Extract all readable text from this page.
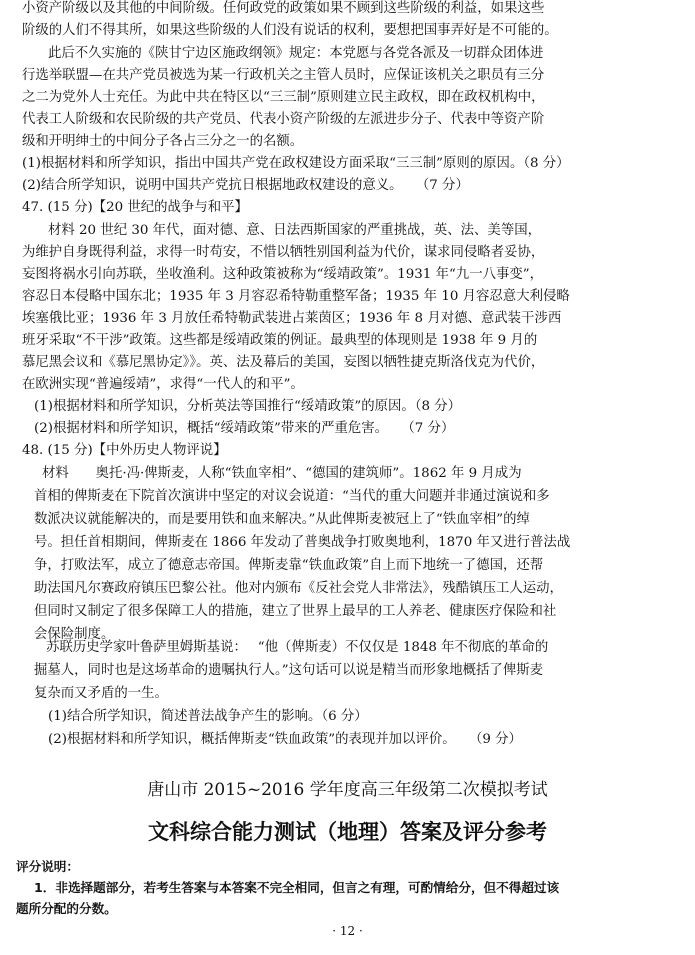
小资产阶级以及其他的中间阶级。任何政党的政策如果不顾到这些阶级的利益，如果这些
阶级的人们不得其所，如果这些阶级的人们没有说话的权利，要想把国事弄好是不可能的。
此后不久实施的《陕甘宁边区施政纲领》规定：本党愿与各党各派及一切群众团体进
行选举联盟—在共产党员被选为某一行政机关之主管人员时，应保证该机关之职员有三分
之二为党外人士充任。为此中共在特区以“三三制”原则建立民主政权，即在政权机构中，
代表工人阶级和农民阶级的共产党员、代表小资产阶级的左派进步分子、代表中等资产阶
级和开明绅士的中间分子各占三分之一的名额。
(1)根据材料和所学知识，指出中国共产党在政权建设方面采取“三三制”原则的原因。（8 分）
(2)结合所学知识，说明中国共产党抗日根据地政权建设的意义。　　（7 分）
47. (15 分)【20 世纪的战争与和平】
材料 20 世纪 30 年代，面对德、意、日法西斯国家的严重挑战，英、法、美等国，
为维护自身既得利益，求得一时苟安，不惜以牺牲别国利益为代价，谋求同侵略者妥协，
妄图将祸水引向苏联，坐收渔利。这种政策被称为“绥靖政策”。1931 年“九一八事变”，
容忍日本侵略中国东北；1935 年 3 月容忍希特勒重整军备；1935 年 10 月容忍意大利侵略
埃塞俄比亚；1936 年 3 月放任希特勒武装进占莱茵区；1936 年 8 月对德、意武装干涉西
班牙采取“不干涉”政策。这些都是绥靖政策的例证。最典型的体现则是 1938 年 9 月的
慕尼黑会议和《慕尼黑协定》》。英、法及幕后的美国，妄图以牺牲捷克斯洛伐克为代价，
在欧洲实现“普遍绥靖”，求得“一代人的和平”。
(1)根据材料和所学知识，分析英法等国推行“绥靖政策”的原因。（8 分）
(2)根据材料和所学知识，概括“绥靖政策”带来的严重危害。　　（7 分）
48. (15 分)【中外历史人物评说】
材料　　奥托·冯·俾斯麦，人称“铁血宰相”、“德国的建筑师”。1862 年 9 月成为
首相的俾斯麦在下院首次演讲中坚定的对议会说道：“当代的重大问题并非通过演说和多
数派决议就能解决的，而是要用铁和血来解决。”从此俾斯麦被冠上了“铁血宰相”的绰
号。担任首相期间，俾斯麦在 1866 年发动了普奥战争打败奥地利，1870 年又进行普法战
争，打败法军，成立了德意志帝国。俾斯麦靠“铁血政策”自上而下地统一了德国，还帮
助法国凡尔赛政府镇压巴黎公社。他对内颁布《反社会党人非常法》，残酷镇压工人运动，
但同时又制定了很多保障工人的措施，建立了世界上最早的工人养老、健康医疗保险和社
会保险制度。
苏联历史学家叶鲁萨里姆斯基说：　 “他（俾斯麦）不仅仅是 1848 年不彻底的革命的
掘墓人，同时也是这场革命的遗嘱执行人。”这句话可以说是精当而形象地概括了俾斯麦
复杂而又矛盾的一生。
(1)结合所学知识，简述普法战争产生的影响。（6 分）
(2)根据材料和所学知识，概括俾斯麦“铁血政策”的表现并加以评价。　　（9 分）
唐山市 2015~2016 学年度高三年级第二次模拟考试
文科综合能力测试（地理）答案及评分参考
评分说明：
1．非选择题部分，若考生答案与本答案不完全相同，但言之有理，可酌情给分，但不得超过该
题所分配的分数。
· 12 ·
